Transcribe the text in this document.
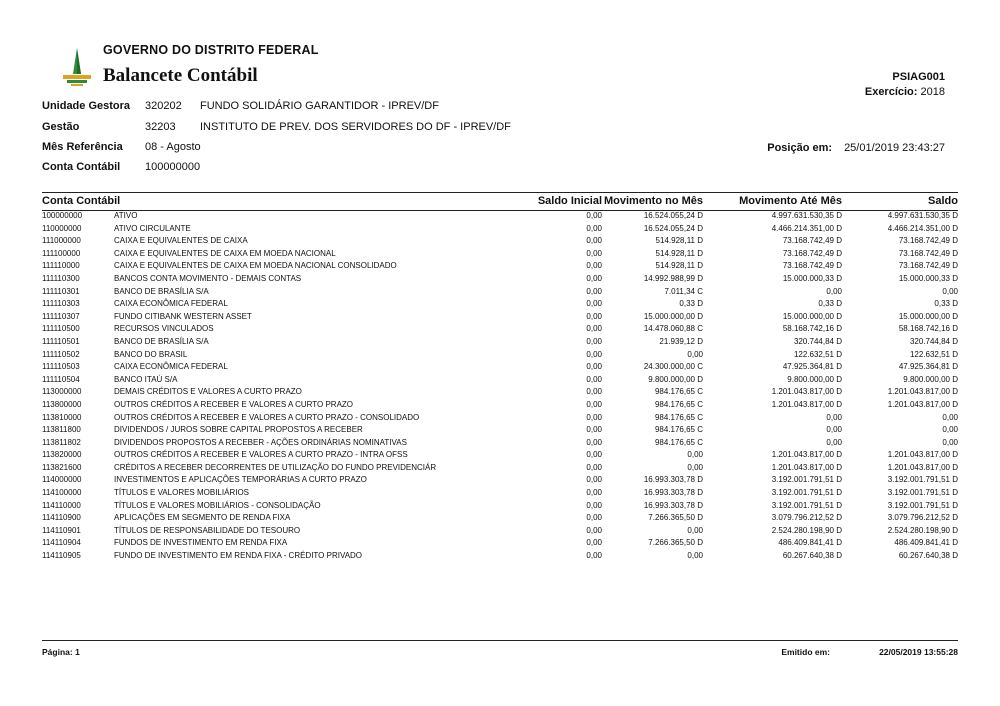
GOVERNO DO DISTRITO FEDERAL
Balancete Contábil	PSIAG001
Exercício: 2018
Unidade Gestora 320202 FUNDO SOLIDÁRIO GARANTIDOR - IPREV/DF
Gestão	32203 INSTITUTO DE PREV. DOS SERVIDORES DO DF - IPREV/DF
Mês Referência 08 - Agosto
Conta Contábil 100000000
Posição em: 25/01/2019 23:43:27
Conta Contábil	Saldo Inicial Movimento no Mês	Movimento Até Mês	Saldo
100000000	ATIVO	0,00	16.524.055,24 D	4.997.631.530,35 D	4.997.631.530,35 D
110000000	ATIVO CIRCULANTE	0,00	16.524.055,24 D	4.466.214.351,00 D	4.466.214.351,00 D
111000000	CAIXA E EQUIVALENTES DE CAIXA	0,00	514.928,11 D	73.168.742,49 D	73.168.742,49 D
111100000	CAIXA E EQUIVALENTES DE CAIXA EM MOEDA NACIONAL	0,00	514.928,11 D	73.168.742,49 D	73.168.742,49 D
111110000	CAIXA E EQUIVALENTES DE CAIXA EM MOEDA NACIONAL CONSOLIDADO	0,00	514.928,11 D	73.168.742,49 D	73.168.742,49 D
111110300	BANCOS CONTA MOVIMENTO - DEMAIS CONTAS	0,00	14.992.988,99 D	15.000.000,33 D	15.000.000,33 D
111110301	BANCO DE BRASÍLIA S/A	0,00	7.011,34 C	0,00	0,00
111110303	CAIXA ECONÔMICA FEDERAL	0,00	0,33 D	0,33 D	0,33 D
111110307	FUNDO CITIBANK WESTERN ASSET	0,00	15.000.000,00 D	15.000.000,00 D	15.000.000,00 D
111110500	RECURSOS VINCULADOS	0,00	14.478.060,88 C	58.168.742,16 D	58.168.742,16 D
111110501	BANCO DE BRASÍLIA S/A	0,00	21.939,12 D	320.744,84 D	320.744,84 D
111110502	BANCO DO BRASIL	0,00	0,00	122.632,51 D	122.632,51 D
111110503	CAIXA ECONÔMICA FEDERAL	0,00	24.300.000,00 C	47.925.364,81 D	47.925.364,81 D
111110504	BANCO ITAÚ S/A	0,00	9.800.000,00 D	9.800.000,00 D	9.800.000,00 D
113000000	DEMAIS CRÉDITOS E VALORES A CURTO PRAZO	0,00	984.176,65 C	1.201.043.817,00 D	1.201.043.817,00 D
113800000	OUTROS CRÉDITOS A RECEBER E VALORES A CURTO PRAZO	0,00	984.176,65 C	1.201.043.817,00 D	1.201.043.817,00 D
113810000	OUTROS CRÉDITOS A RECEBER E VALORES A CURTO PRAZO - CONSOLIDADO	0,00	984.176,65 C	0,00	0,00
113811800	DIVIDENDOS / JUROS SOBRE CAPITAL PROPOSTOS A RECEBER	0,00	984.176,65 C	0,00	0,00
113811802	DIVIDENDOS PROPOSTOS A RECEBER - AÇÕES ORDINÁRIAS NOMINATIVAS	0,00	984.176,65 C	0,00	0,00
113820000	OUTROS CRÉDITOS A RECEBER E VALORES A CURTO PRAZO - INTRA OFSS	0,00	0,00	1.201.043.817,00 D	1.201.043.817,00 D
113821600	CRÉDITOS A RECEBER DECORRENTES DE UTILIZAÇÃO DO FUNDO PREVIDENCIÁR	0,00	0,00	1.201.043.817,00 D	1.201.043.817,00 D
114000000	INVESTIMENTOS E APLICAÇÕES TEMPORÁRIAS A CURTO PRAZO	0,00	16.993.303,78 D	3.192.001.791,51 D	3.192.001.791,51 D
114100000	TÍTULOS E VALORES MOBILIÁRIOS	0,00	16.993.303,78 D	3.192.001.791,51 D	3.192.001.791,51 D
114110000	TÍTULOS E VALORES MOBILIÁRIOS - CONSOLIDAÇÃO	0,00	16.993.303,78 D	3.192.001.791,51 D	3.192.001.791,51 D
114110900	APLICAÇÕES EM SEGMENTO DE RENDA FIXA	0,00	7.266.365,50 D	3.079.796.212,52 D	3.079.796.212,52 D
114110901	TÍTULOS DE RESPONSABILIDADE DO TESOURO	0,00	0,00	2.524.280.198,90 D	2.524.280.198,90 D
114110904	FUNDOS DE INVESTIMENTO EM RENDA FIXA	0,00	7.266.365,50 D	486.409.841,41 D	486.409.841,41 D
114110905	FUNDO DE INVESTIMENTO EM RENDA FIXA - CRÉDITO PRIVADO	0,00	0,00	60.267.640,38 D	60.267.640,38 D
Página: 1	Emitido em:	22/05/2019 13:55:28
